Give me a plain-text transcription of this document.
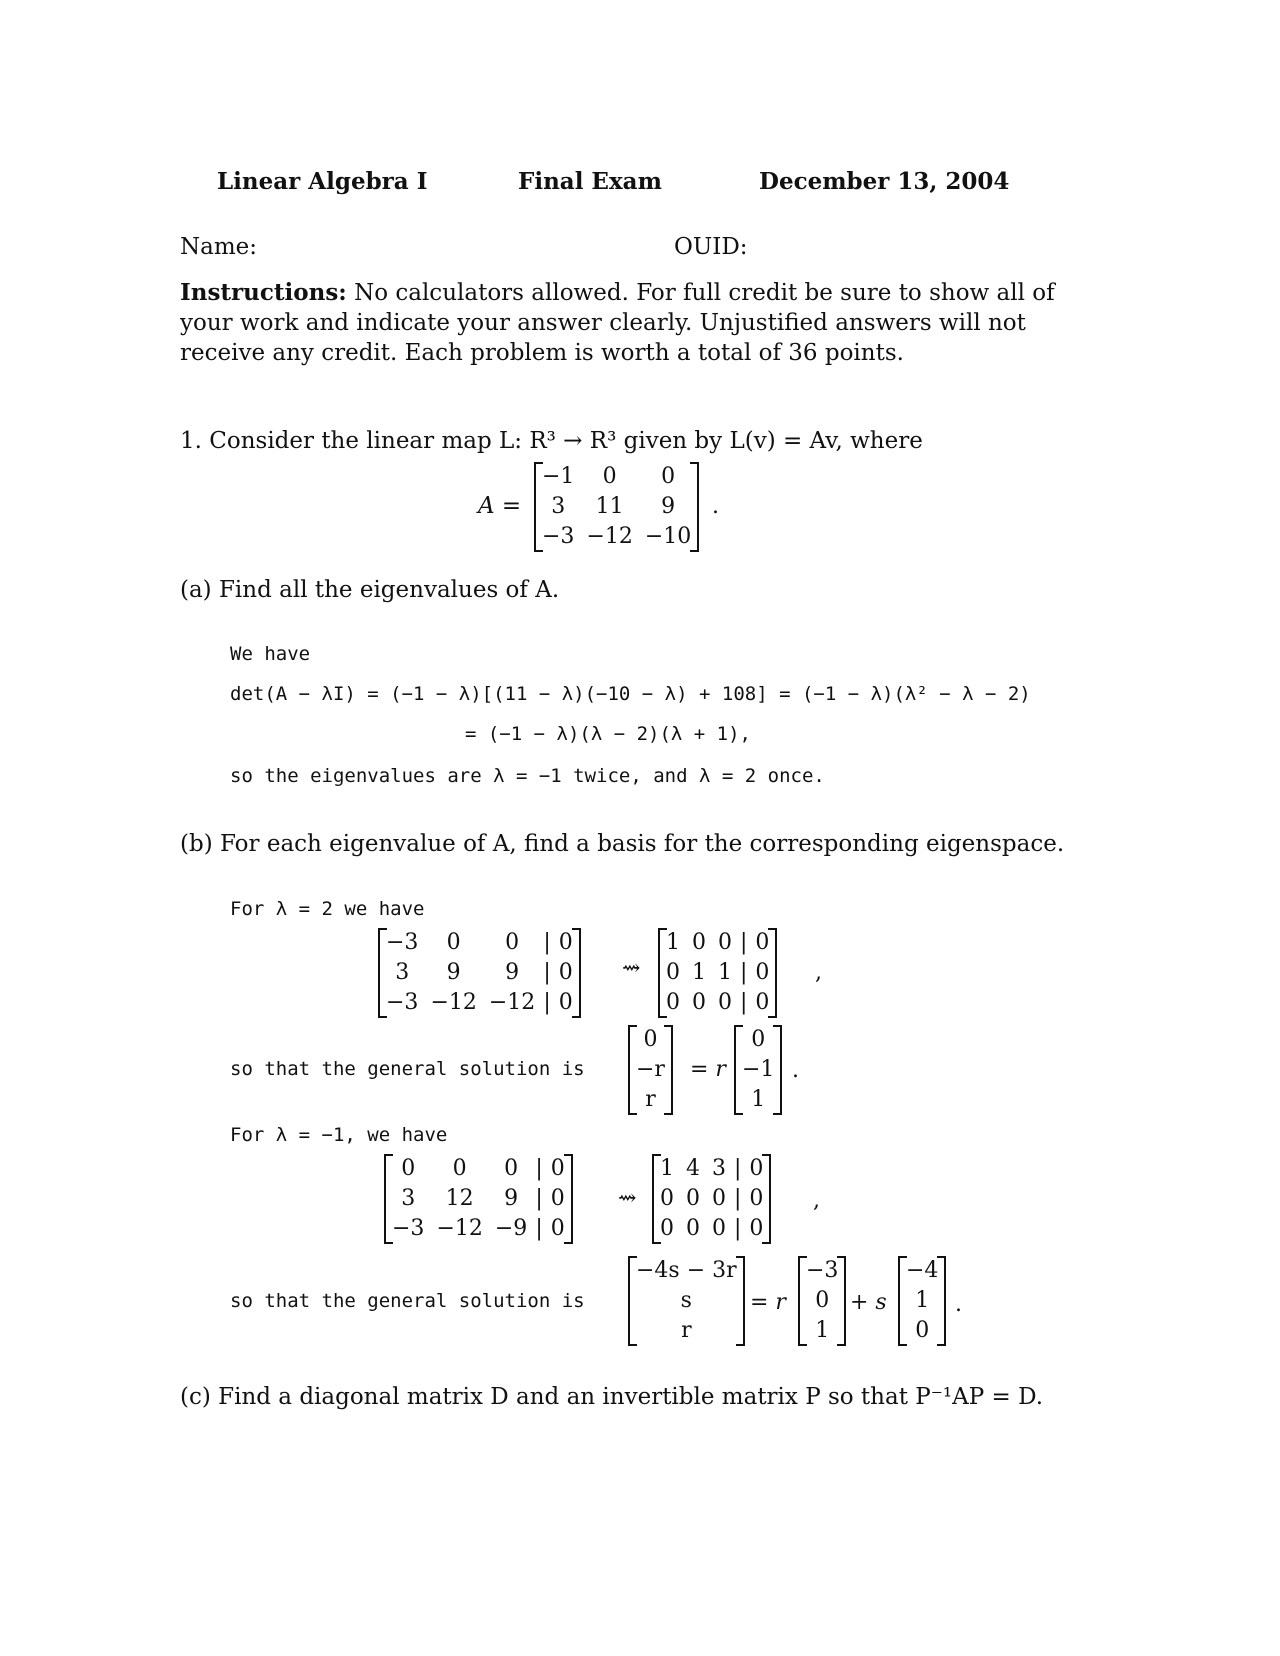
Linear Algebra I	Final Exam	December 13, 2004
Name:	OUID:
Instructions: No calculators allowed. For full credit be sure to show all of your work and indicate your answer clearly. Unjustified answers will not receive any credit. Each problem is worth a total of 36 points.
1. Consider the linear map L: R³ → R³ given by L(v) = Av, where
A =
−1	0	0
3	11	9
−3	−12	−10
.
(a) Find all the eigenvalues of A.
We have
det(A − λI) = (−1 − λ)[(11 − λ)(−10 − λ) + 108] = (−1 − λ)(λ² − λ − 2)
= (−1 − λ)(λ − 2)(λ + 1),
so the eigenvalues are λ = −1 twice, and λ = 2 once.
(b) For each eigenvalue of A, find a basis for the corresponding eigenspace.
For λ = 2 we have
−3	0	0	|	0
3	9	9	|	0
−3	−12	−12	|	0
⇝
1	0	0	|	0
0	1	1	|	0
0	0	0	|	0
,
so that the general solution is
0
−r
r
= r
0
−1
1
.
For λ = −1, we have
0	0	0	|	0
3	12	9	|	0
−3	−12	−9	|	0
⇝
1	4	3	|	0
0	0	0	|	0
0	0	0	|	0
,
so that the general solution is
−4s − 3r
s
r
= r
−3
0
1
+ s
−4
1
0
.
(c) Find a diagonal matrix D and an invertible matrix P so that P⁻¹AP = D.
